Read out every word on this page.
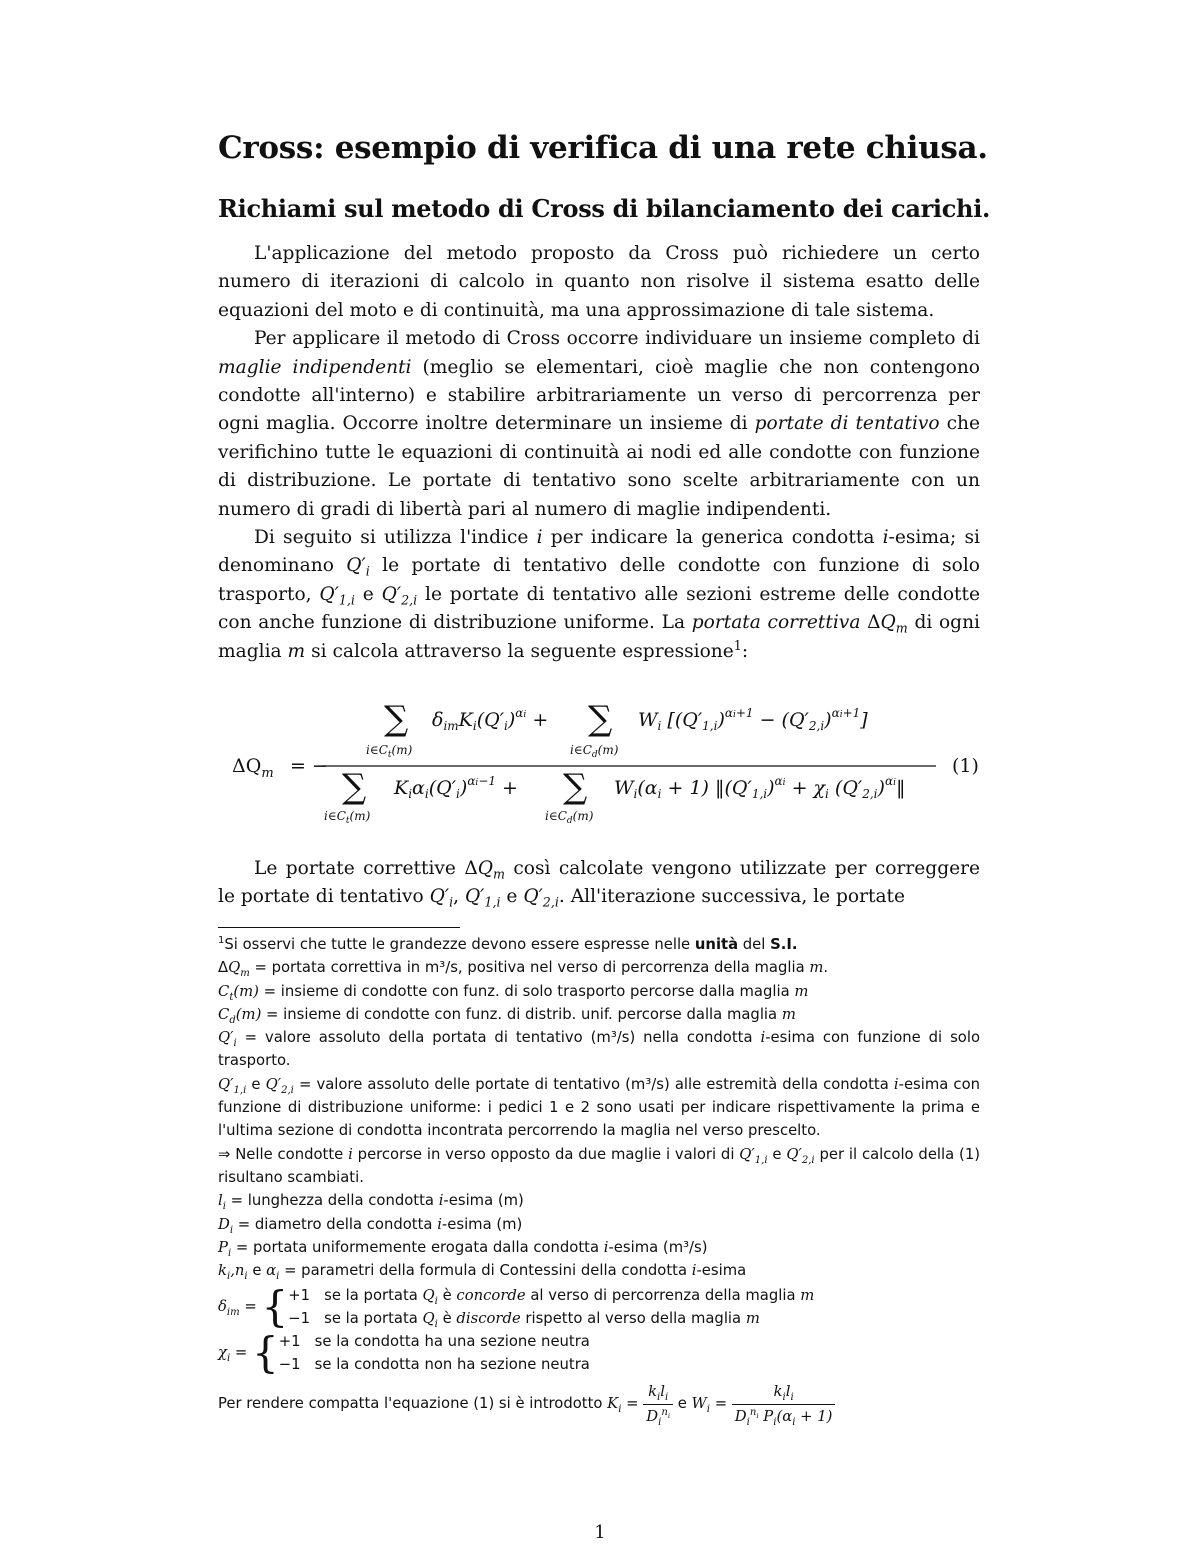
Cross: esempio di verifica di una rete chiusa.
Richiami sul metodo di Cross di bilanciamento dei carichi.

L'applicazione del metodo proposto da Cross può richiedere un certo numero di iterazioni di calcolo in quanto non risolve il sistema esatto delle equazioni del moto e di continuità, ma una approssimazione di tale sistema.

Per applicare il metodo di Cross occorre individuare un insieme completo di maglie indipendenti (meglio se elementari, cioè maglie che non contengono condotte all'interno) e stabilire arbitrariamente un verso di percorrenza per ogni maglia. Occorre inoltre determinare un insieme di portate di tentativo che verifichino tutte le equazioni di continuità ai nodi ed alle condotte con funzione di distribuzione. Le portate di tentativo sono scelte arbitrariamente con un numero di gradi di libertà pari al numero di maglie indipendenti.

Di seguito si utilizza l'indice i per indicare la generica condotta i-esima; si denominano $Q'_i$ le portate di tentativo delle condotte con funzione di solo trasporto, $Q'_{1,i}$ e $Q'_{2,i}$ le portate di tentativo alle sezioni estreme delle condotte con anche funzione di distribuzione uniforme. La portata correttiva $\Delta Q_m$ di ogni maglia m si calcola attraverso la seguente espressione$^1$:

$\Delta Q_m$ = −
∑
$i\in C_t(m)$
$\delta_{im}K_i(Q'_i)^\alpha i$ + ∑
$i\in C_d(m)$
$W_i$ $[(Q'_{1,i})^\alpha i+1 - (Q'_{2,i})^\alpha i+1]$
∑
$i\in C_t(m)$
$K_i\alpha_i(Q'_i)^\alpha i-1$ + ∑
$i\in C_d(m)$
$W_i(\alpha_i + 1)$ $‖(Q'_{1,i})^\alpha i + \chi_i$ $(Q'_{2,i})^\alpha i‖$
(1)

Le portate correttive $\Delta Q_m$ così calcolate vengono utilizzate per correggere le portate di tentativo $Q'_i$, $Q'_{1,i}$ e $Q'_{2,i}$. All'iterazione successiva, le portate

$^1$Si osservi che tutte le grandezze devono essere espresse nelle unità del S.I.
$\Delta Q_m$ = portata correttiva in m³/s, positiva nel verso di percorrenza della maglia m.
$C_t(m)$ = insieme di condotte con funz. di solo trasporto percorse dalla maglia m
$C_d(m)$ = insieme di condotte con funz. di distrib. unif. percorse dalla maglia m
$Q'_i$ = valore assoluto della portata di tentativo (m³/s) nella condotta i-esima con funzione di solo trasporto.
$Q'_{1,i}$ e $Q'_{2,i}$ = valore assoluto delle portate di tentativo (m³/s) alle estremità della condotta i-esima con funzione di distribuzione uniforme: i pedici 1 e 2 sono usati per indicare rispettivamente la prima e l'ultima sezione di condotta incontrata percorrendo la maglia nel verso prescelto.
⇒ Nelle condotte i percorse in verso opposto da due maglie i valori di $Q'_{1,i}$ e $Q'_{2,i}$ per il calcolo della (1) risultano scambiati.
$l_i$ = lunghezza della condotta i-esima (m)
$D_i$ = diametro della condotta i-esima (m)
$P_i$ = portata uniformemente erogata dalla condotta i-esima (m³/s)
$k_i,n_i$ e $\alpha_i$ = parametri della formula di Contessini della condotta i-esima
$\delta_{im}$ = { +1 se la portata $Q_i$ è concorde al verso di percorrenza della maglia m
−1 se la portata $Q_i$ è discorde rispetto al verso della maglia m
$\chi_i$ = { +1 se la condotta ha una sezione neutra
−1 se la condotta non ha sezione neutra
Per rendere compatta l'equazione (1) si è introdotto $K_i = \frac{k_il_i}{D_i^{n_i}}$ e $W_i = \frac{k_il_i}{D_i^{n_i} P_i(\alpha_i + 1)}$
1
